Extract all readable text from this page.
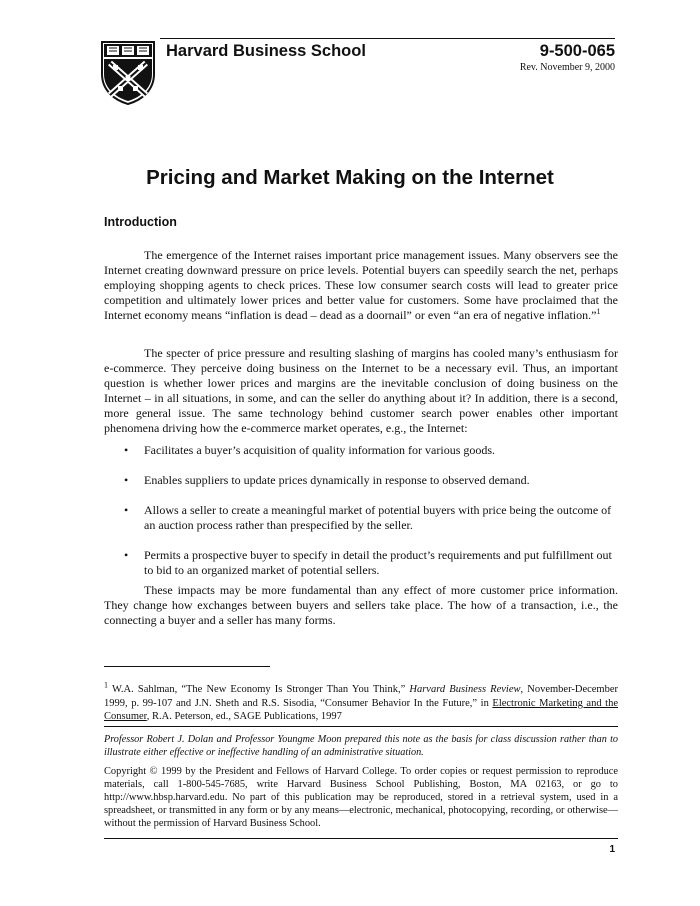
Harvard Business School	9-500-065
Rev. November 9, 2000
Pricing and Market Making on the Internet
Introduction

The emergence of the Internet raises important price management issues. Many observers see the Internet creating downward pressure on price levels. Potential buyers can speedily search the net, perhaps employing shopping agents to check prices. These low consumer search costs will lead to greater price competition and ultimately lower prices and better value for customers. Some have proclaimed that the Internet economy means “inflation is dead – dead as a doornail” or even “an era of negative inflation.”$^1$

The specter of price pressure and resulting slashing of margins has cooled many’s enthusiasm for e-commerce. They perceive doing business on the Internet to be a necessary evil. Thus, an important question is whether lower prices and margins are the inevitable conclusion of doing business on the Internet – in all situations, in some, and can the seller do anything about it? In addition, there is a second, more general issue. The same technology behind customer search power enables other important phenomena driving how the e-commerce market operates, e.g., the Internet:

• Facilitates a buyer’s acquisition of quality information for various goods.
• Enables suppliers to update prices dynamically in response to observed demand.
• Allows a seller to create a meaningful market of potential buyers with price being the outcome of an auction process rather than prespecified by the seller.
• Permits a prospective buyer to specify in detail the product’s requirements and put fulfillment out to bid to an organized market of potential sellers.

These impacts may be more fundamental than any effect of more customer price information. They change how exchanges between buyers and sellers take place. The how of a transaction, i.e., the connecting a buyer and a seller has many forms.

$^1$ W.A. Sahlman, “The New Economy Is Stronger Than You Think,” Harvard Business Review, November-December 1999, p. 99-107 and J.N. Sheth and R.S. Sisodia, “Consumer Behavior In the Future,” in Electronic Marketing and the Consumer, R.A. Peterson, ed., SAGE Publications, 1997

Professor Robert J. Dolan and Professor Youngme Moon prepared this note as the basis for class discussion rather than to illustrate either effective or ineffective handling of an administrative situation.

Copyright © 1999 by the President and Fellows of Harvard College. To order copies or request permission to reproduce materials, call 1-800-545-7685, write Harvard Business School Publishing, Boston, MA 02163, or go to http://www.hbsp.harvard.edu. No part of this publication may be reproduced, stored in a retrieval system, used in a spreadsheet, or transmitted in any form or by any means—electronic, mechanical, photocopying, recording, or otherwise—without the permission of Harvard Business School.

1
